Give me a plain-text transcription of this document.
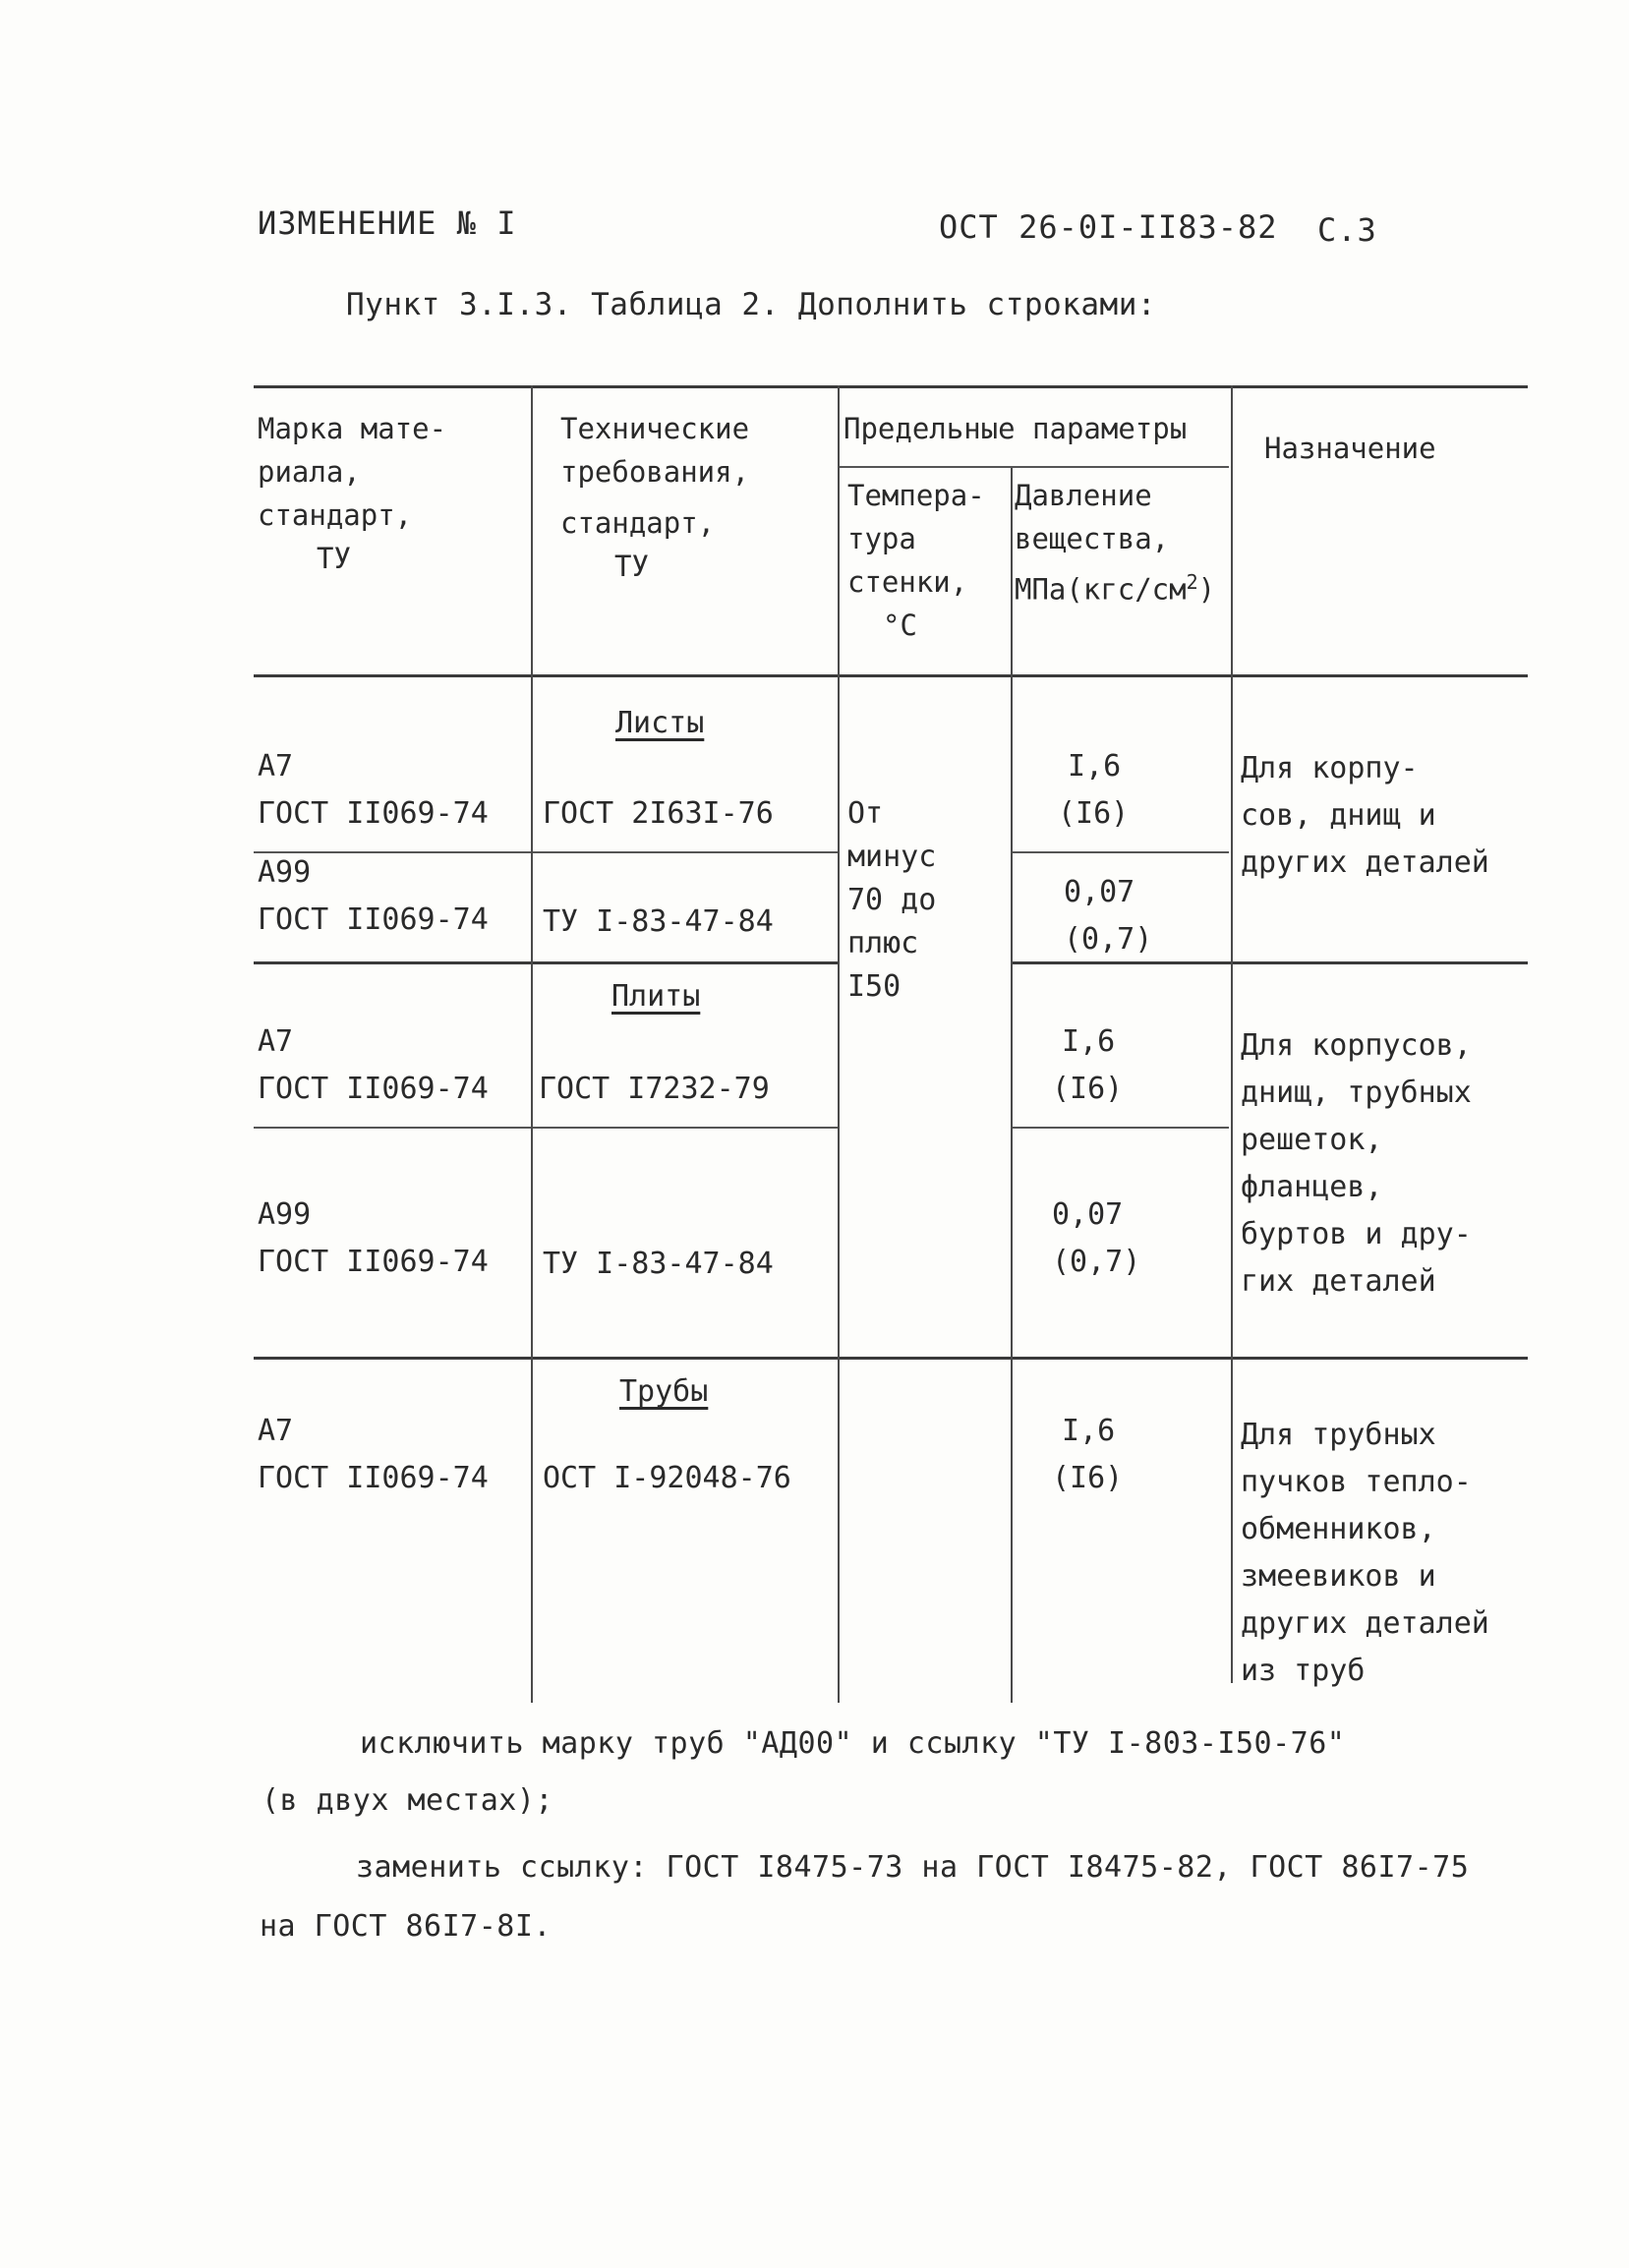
ИЗМЕНЕНИЕ № I	ОСТ 26-0I-II83-82 С.3
Пункт 3.I.3. Таблица 2. Дополнить строками:
Марка мате-
риала,
стандарт,
ТУ
Технические
требования,
стандарт,
ТУ
Предельные параметры
Темпера-
тура
стенки,
°С
Давление
вещества,
$МПа(кгс/см^2)$
Назначение
От
минус
70 до
плюс
I50
Листы
А7
ГОСТ II069-74 ГОСТ 2I63I-76
I,6
(I6)
А99
ГОСТ II069-74 ТУ I-83-47-84
0,07
(0,7)
Для корпу-
сов, днищ и
других деталей
Плиты
А7
ГОСТ II069-74 ГОСТ I7232-79
I,6
(I6)
А99
ГОСТ II069-74 ТУ I-83-47-84
0,07
(0,7)
Для корпусов,
днищ, трубных
решеток,
фланцев,
буртов и дру-
гих деталей
Трубы
А7
ГОСТ II069-74 ОСТ I-92048-76
I,6
(I6)
Для трубных
пучков тепло-
обменников,
змеевиков и
других деталей
из труб
исключить марку труб "АД00" и ссылку "ТУ I-803-I50-76"
(в двух местах);
заменить ссылку: ГОСТ I8475-73 на ГОСТ I8475-82, ГОСТ 86I7-75
на ГОСТ 86I7-8I.
